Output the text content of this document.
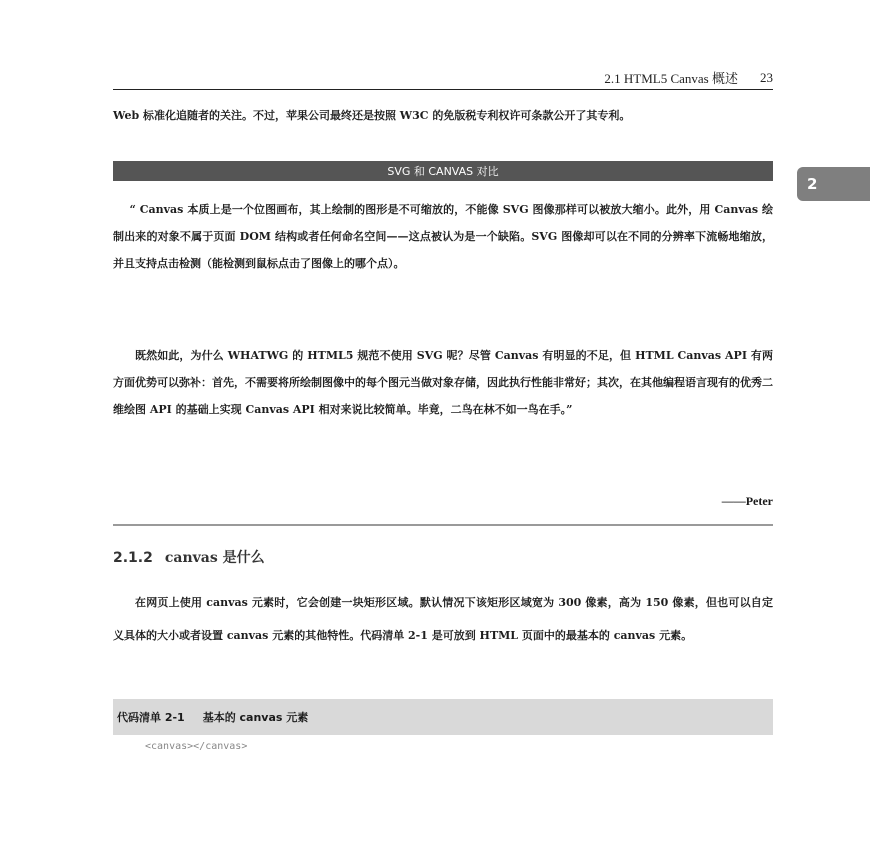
2.1 HTML5 Canvas 概述 23

Web 标准化追随者的关注。不过，苹果公司最终还是按照 W3C 的免版税专利权许可条款公开了其专利。

SVG 和 CANVAS 对比
2

“ Canvas 本质上是一个位图画布，其上绘制的图形是不可缩放的，不能像 SVG 图像那样可以被放大缩小。此外，用 Canvas 绘制出来的对象不属于页面 DOM 结构或者任何命名空间——这点被认为是一个缺陷。SVG 图像却可以在不同的分辨率下流畅地缩放，并且支持点击检测（能检测到鼠标点击了图像上的哪个点）。

既然如此，为什么 WHATWG 的 HTML5 规范不使用 SVG 呢？尽管 Canvas 有明显的不足，但 HTML Canvas API 有两方面优势可以弥补：首先，不需要将所绘制图像中的每个图元当做对象存储，因此执行性能非常好；其次，在其他编程语言现有的优秀二维绘图 API 的基础上实现 Canvas API 相对来说比较简单。毕竟，二鸟在林不如一鸟在手。”

——Peter
2.1.2 canvas 是什么

在网页上使用 canvas 元素时，它会创建一块矩形区域。默认情况下该矩形区域宽为 300 像素，高为 150 像素，但也可以自定义具体的大小或者设置 canvas 元素的其他特性。代码清单 2-1 是可放到 HTML 页面中的最基本的 canvas 元素。

代码清单 2-1 基本的 canvas 元素
<canvas></canvas>
